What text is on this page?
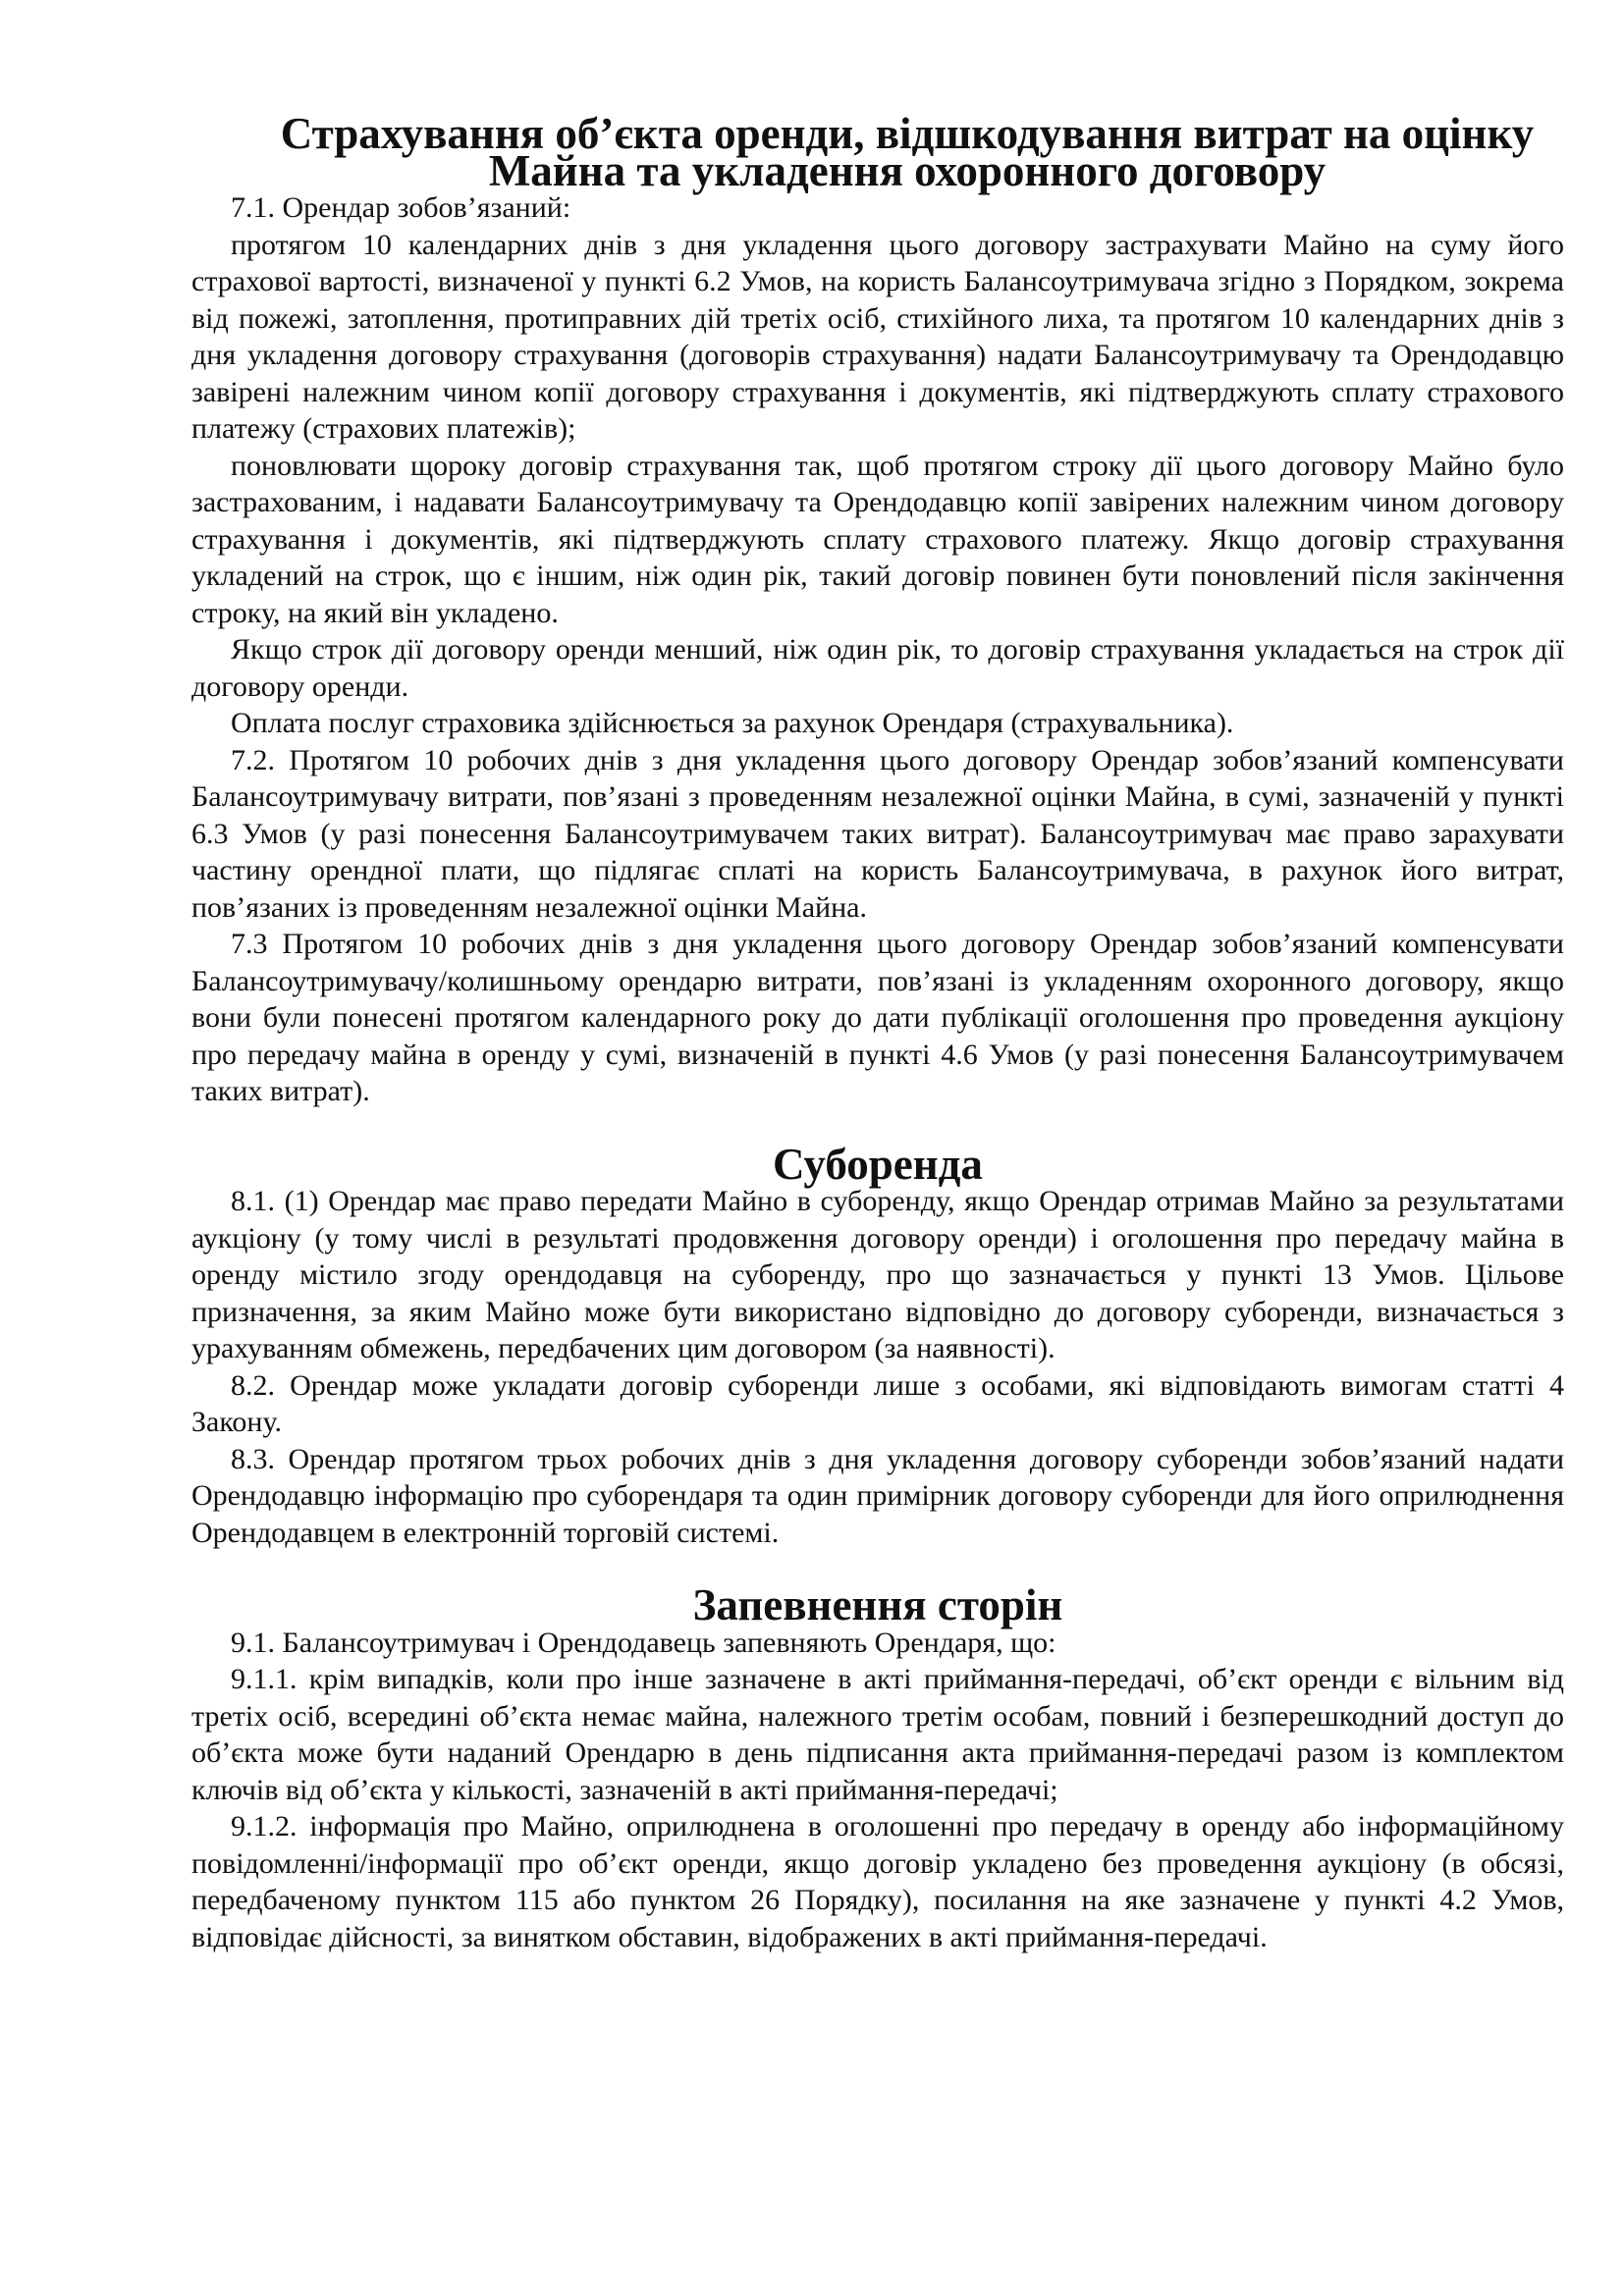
Страхування об’єкта оренди, відшкодування витрат на оцінку Майна та укладення охоронного договору

7.1. Орендар зобов’язаний:

протягом 10 календарних днів з дня укладення цього договору застрахувати Майно на суму його страхової вартості, визначеної у пункті 6.2 Умов, на користь Балансоутримувача згідно з Порядком, зокрема від пожежі, затоплення, протиправних дій третіх осіб, стихійного лиха, та протягом 10 календарних днів з дня укладення договору страхування (договорів страхування) надати Балансоутримувачу та Орендодавцю завірені належним чином копії договору страхування і документів, які підтверджують сплату страхового платежу (страхових платежів);

поновлювати щороку договір страхування так, щоб протягом строку дії цього договору Майно було застрахованим, і надавати Балансоутримувачу та Орендодавцю копії завірених належним чином договору страхування і документів, які підтверджують сплату страхового платежу. Якщо договір страхування укладений на строк, що є іншим, ніж один рік, такий договір повинен бути поновлений після закінчення строку, на який він укладено.

Якщо строк дії договору оренди менший, ніж один рік, то договір страхування укладається на строк дії договору оренди.

Оплата послуг страховика здійснюється за рахунок Орендаря (страхувальника).

7.2. Протягом 10 робочих днів з дня укладення цього договору Орендар зобов’язаний компенсувати Балансоутримувачу витрати, пов’язані з проведенням незалежної оцінки Майна, в сумі, зазначеній у пункті 6.3 Умов (у разі понесення Балансоутримувачем таких витрат). Балансоутримувач має право зарахувати частину орендної плати, що підлягає сплаті на користь Балансоутримувача, в рахунок його витрат, пов’язаних із проведенням незалежної оцінки Майна.

7.3 Протягом 10 робочих днів з дня укладення цього договору Орендар зобов’язаний компенсувати Балансоутримувачу/колишньому орендарю витрати, пов’язані із укладенням охоронного договору, якщо вони були понесені протягом календарного року до дати публікації оголошення про проведення аукціону про передачу майна в оренду у сумі, визначеній в пункті 4.6 Умов (у разі понесення Балансоутримувачем таких витрат).

Суборенда

8.1. (1) Орендар має право передати Майно в суборенду, якщо Орендар отримав Майно за результатами аукціону (у тому числі в результаті продовження договору оренди) і оголошення про передачу майна в оренду містило згоду орендодавця на суборенду, про що зазначається у пункті 13 Умов. Цільове призначення, за яким Майно може бути використано відповідно до договору суборенди, визначається з урахуванням обмежень, передбачених цим договором (за наявності).

8.2. Орендар може укладати договір суборенди лише з особами, які відповідають вимогам статті 4 Закону.

8.3. Орендар протягом трьох робочих днів з дня укладення договору суборенди зобов’язаний надати Орендодавцю інформацію про суборендаря та один примірник договору суборенди для його оприлюднення Орендодавцем в електронній торговій системі.

Запевнення сторін

9.1. Балансоутримувач і Орендодавець запевняють Орендаря, що:

9.1.1. крім випадків, коли про інше зазначене в акті приймання-передачі, об’єкт оренди є вільним від третіх осіб, всередині об’єкта немає майна, належного третім особам, повний і безперешкодний доступ до об’єкта може бути наданий Орендарю в день підписання акта приймання-передачі разом із комплектом ключів від об’єкта у кількості, зазначеній в акті приймання-передачі;

9.1.2. інформація про Майно, оприлюднена в оголошенні про передачу в оренду або інформаційному повідомленні/інформації про об’єкт оренди, якщо договір укладено без проведення аукціону (в обсязі, передбаченому пунктом 115 або пунктом 26 Порядку), посилання на яке зазначене у пункті 4.2 Умов, відповідає дійсності, за винятком обставин, відображених в акті приймання-передачі.
